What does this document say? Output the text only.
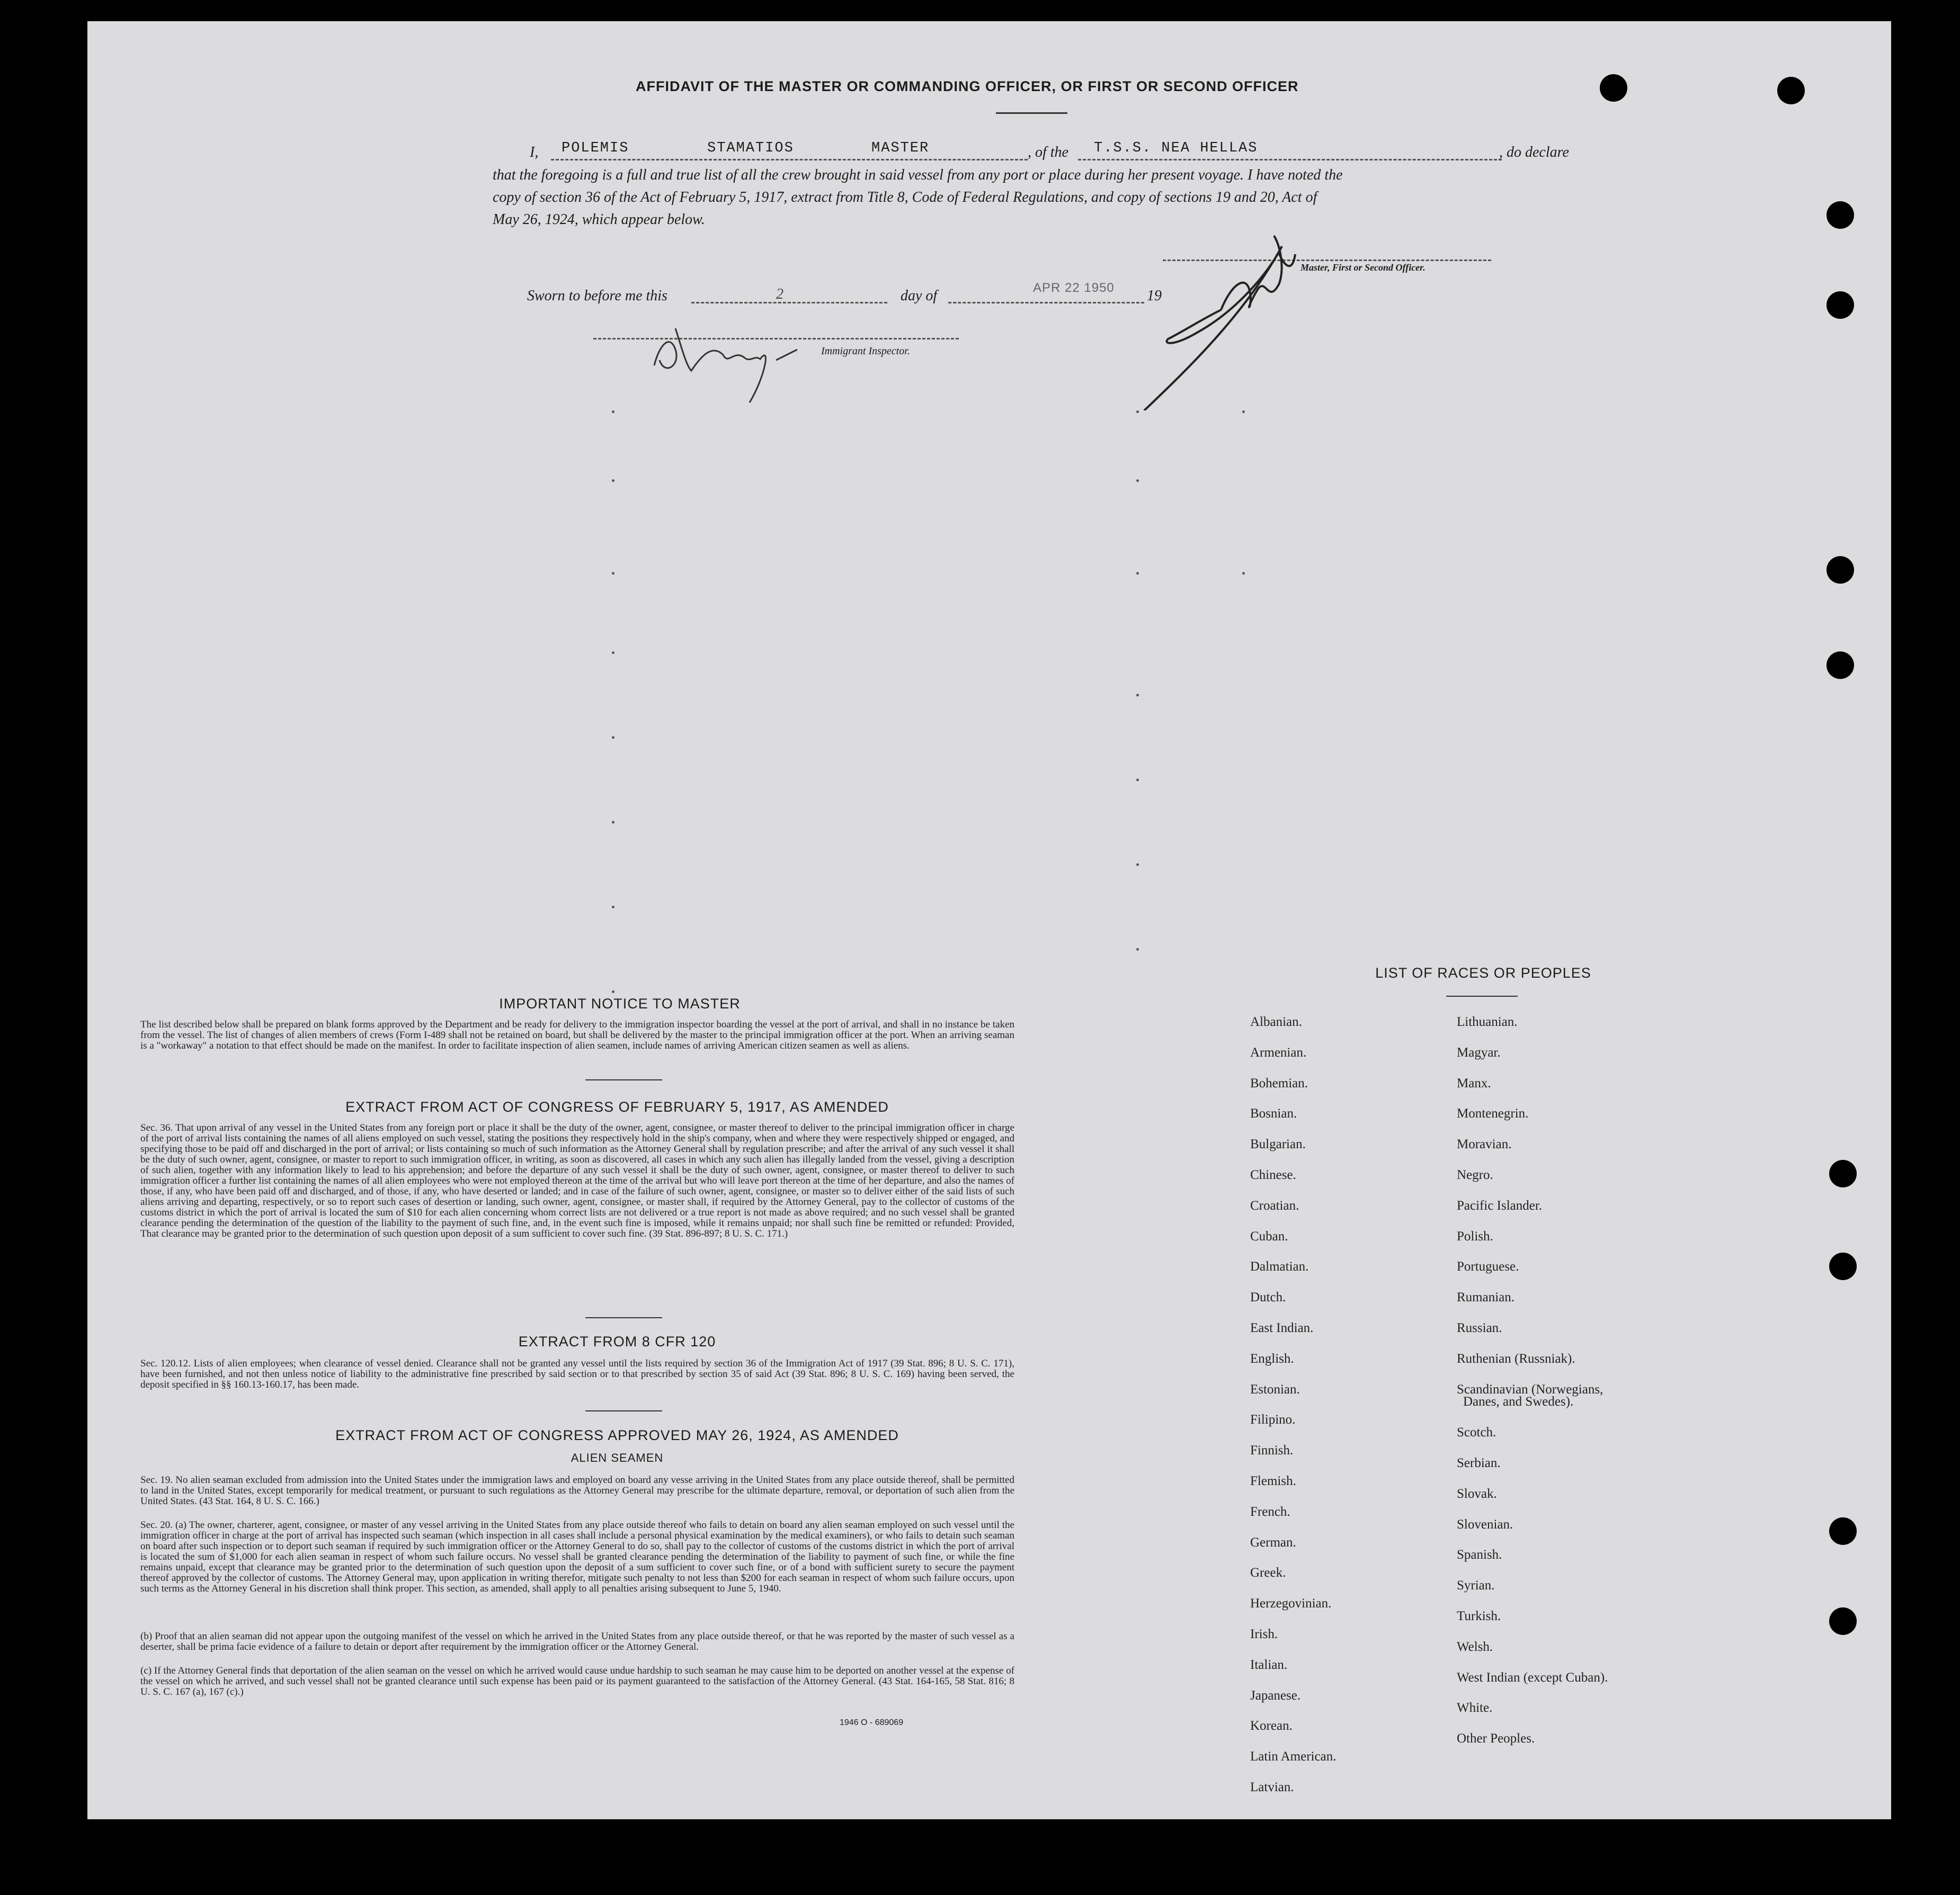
AFFIDAVIT OF THE MASTER OR COMMANDING OFFICER, OR FIRST OR SECOND OFFICER
I, POLEMIS	STAMATIOS	MASTER	, of the T.S.S. NEA HELLAS	, do declare
that the foregoing is a full and true list of all the crew brought in said vessel from any port or place during her present voyage. I have noted the
copy of section 36 of the Act of February 5, 1917, extract from Title 8, Code of Federal Regulations, and copy of sections 19 and 20, Act of
May 26, 1924, which appear below.
Master, First or Second Officer.
Sworn to before me this	2	day of	APR 22 1950 19
Immigrant Inspector.
IMPORTANT NOTICE TO MASTER
The list described below shall be prepared on blank forms approved by the Department and be ready for delivery to the immigration inspector boarding the vessel at the port of arrival, and shall in no instance be taken from the vessel. The list of changes of alien members of crews (Form I-489 shall not be retained on board, but shall be delivered by the master to the principal immigration officer at the port. When an arriving seaman is a "workaway" a notation to that effect should be made on the manifest. In order to facilitate inspection of alien seamen, include names of arriving American citizen seamen as well as aliens.
EXTRACT FROM ACT OF CONGRESS OF FEBRUARY 5, 1917, AS AMENDED
Sec. 36. That upon arrival of any vessel in the United States from any foreign port or place it shall be the duty of the owner, agent, consignee, or master thereof to deliver to the principal immigration officer in charge of the port of arrival lists containing the names of all aliens employed on such vessel, stating the positions they respectively hold in the ship's company, when and where they were respectively shipped or engaged, and specifying those to be paid off and discharged in the port of arrival; or lists containing so much of such information as the Attorney General shall by regulation prescribe; and after the arrival of any such vessel it shall be the duty of such owner, agent, consignee, or master to report to such immigration officer, in writing, as soon as discovered, all cases in which any such alien has illegally landed from the vessel, giving a description of such alien, together with any information likely to lead to his apprehension; and before the departure of any such vessel it shall be the duty of such owner, agent, consignee, or master thereof to deliver to such immigration officer a further list containing the names of all alien employees who were not employed thereon at the time of the arrival but who will leave port thereon at the time of her departure, and also the names of those, if any, who have been paid off and discharged, and of those, if any, who have deserted or landed; and in case of the failure of such owner, agent, consignee, or master so to deliver either of the said lists of such aliens arriving and departing, respectively, or so to report such cases of desertion or landing, such owner, agent, consignee, or master shall, if required by the Attorney General, pay to the collector of customs of the customs district in which the port of arrival is located the sum of $10 for each alien concerning whom correct lists are not delivered or a true report is not made as above required; and no such vessel shall be granted clearance pending the determination of the question of the liability to the payment of such fine, and, in the event such fine is imposed, while it remains unpaid; nor shall such fine be remitted or refunded: Provided, That clearance may be granted prior to the determination of such question upon deposit of a sum sufficient to cover such fine. (39 Stat. 896-897; 8 U. S. C. 171.)
EXTRACT FROM 8 CFR 120
Sec. 120.12. Lists of alien employees; when clearance of vessel denied. Clearance shall not be granted any vessel until the lists required by section 36 of the Immigration Act of 1917 (39 Stat. 896; 8 U. S. C. 171), have been furnished, and not then unless notice of liability to the administrative fine prescribed by said section or to that prescribed by section 35 of said Act (39 Stat. 896; 8 U. S. C. 169) having been served, the deposit specified in §§ 160.13-160.17, has been made.
EXTRACT FROM ACT OF CONGRESS APPROVED MAY 26, 1924, AS AMENDED
ALIEN SEAMEN
Sec. 19. No alien seaman excluded from admission into the United States under the immigration laws and employed on board any vesse arriving in the United States from any place outside thereof, shall be permitted to land in the United States, except temporarily for medical treatment, or pursuant to such regulations as the Attorney General may prescribe for the ultimate departure, removal, or deportation of such alien from the United States. (43 Stat. 164, 8 U. S. C. 166.)
Sec. 20. (a) The owner, charterer, agent, consignee, or master of any vessel arriving in the United States from any place outside thereof who fails to detain on board any alien seaman employed on such vessel until the immigration officer in charge at the port of arrival has inspected such seaman (which inspection in all cases shall include a personal physical examination by the medical examiners), or who fails to detain such seaman on board after such inspection or to deport such seaman if required by such immigration officer or the Attorney General to do so, shall pay to the collector of customs of the customs district in which the port of arrival is located the sum of $1,000 for each alien seaman in respect of whom such failure occurs. No vessel shall be granted clearance pending the determination of the liability to payment of such fine, or while the fine remains unpaid, except that clearance may be granted prior to the determination of such question upon the deposit of a sum sufficient to cover such fine, or of a bond with sufficient surety to secure the payment thereof approved by the collector of customs. The Attorney General may, upon application in writing therefor, mitigate such penalty to not less than $200 for each seaman in respect of whom such failure occurs, upon such terms as the Attorney General in his discretion shall think proper. This section, as amended, shall apply to all penalties arising subsequent to June 5, 1940.
(b) Proof that an alien seaman did not appear upon the outgoing manifest of the vessel on which he arrived in the United States from any place outside thereof, or that he was reported by the master of such vessel as a deserter, shall be prima facie evidence of a failure to detain or deport after requirement by the immigration officer or the Attorney General.
(c) If the Attorney General finds that deportation of the alien seaman on the vessel on which he arrived would cause undue hardship to such seaman he may cause him to be deported on another vessel at the expense of the vessel on which he arrived, and such vessel shall not be granted clearance until such expense has been paid or its payment guaranteed to the satisfaction of the Attorney General. (43 Stat. 164-165, 58 Stat. 816; 8 U. S. C. 167 (a), 167 (c).)
1946 O - 689069
LIST OF RACES OR PEOPLES
Albanian.
Armenian.
Bohemian.
Bosnian.
Bulgarian.
Chinese.
Croatian.
Cuban.
Dalmatian.
Dutch.
East Indian.
English.
Estonian.
Filipino.
Finnish.
Flemish.
French.
German.
Greek.
Herzegovinian.
Irish.
Italian.
Japanese.
Korean.
Latin American.
Latvian.
Lithuanian.
Magyar.
Manx.
Montenegrin.
Moravian.
Negro.
Pacific Islander.
Polish.
Portuguese.
Rumanian.
Russian.
Ruthenian (Russniak).
Scandinavian (Norwegians,
Danes, and Swedes).
Scotch.
Serbian.
Slovak.
Slovenian.
Spanish.
Syrian.
Turkish.
Welsh.
West Indian (except Cuban).
White.
Other Peoples.
